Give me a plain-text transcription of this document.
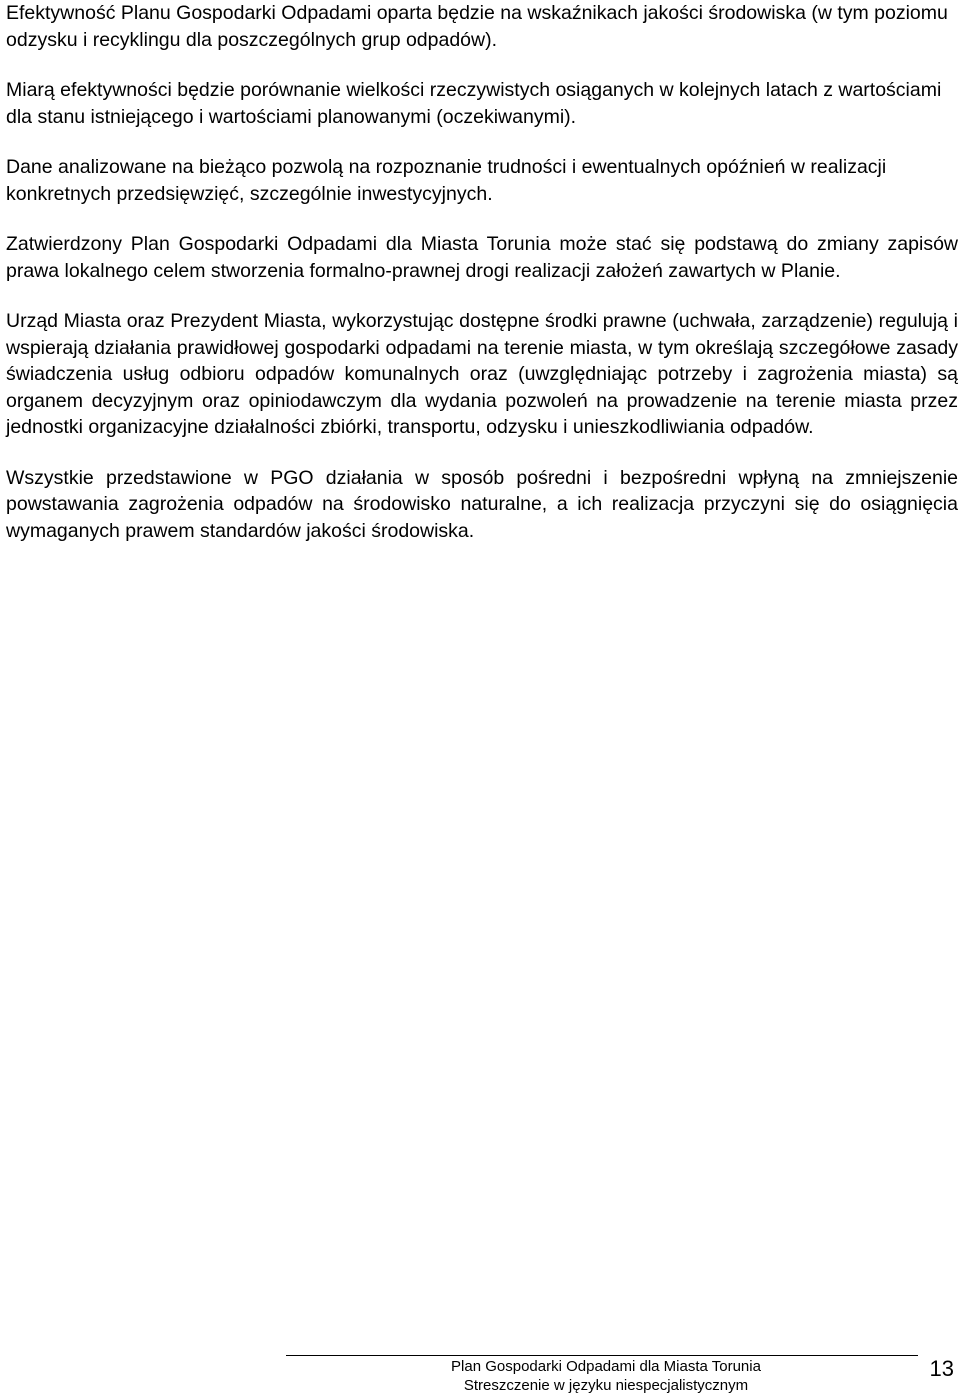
Efektywność Planu Gospodarki Odpadami oparta będzie na wskaźnikach jakości środowiska (w tym poziomu odzysku i recyklingu dla poszczególnych grup odpadów).

Miarą efektywności będzie porównanie wielkości rzeczywistych osiąganych w kolejnych latach z wartościami dla stanu istniejącego i wartościami planowanymi (oczekiwanymi).

Dane analizowane na bieżąco pozwolą na rozpoznanie trudności i ewentualnych opóźnień w realizacji konkretnych przedsięwzięć, szczególnie inwestycyjnych.

Zatwierdzony Plan Gospodarki Odpadami dla Miasta Torunia może stać się podstawą do zmiany zapisów prawa lokalnego celem stworzenia formalno-prawnej drogi realizacji założeń zawartych w Planie.

Urząd Miasta oraz Prezydent Miasta, wykorzystując dostępne środki prawne (uchwała, zarządzenie) regulują i wspierają działania prawidłowej gospodarki odpadami na terenie miasta, w tym określają szczegółowe zasady świadczenia usług odbioru odpadów komunalnych oraz (uwzględniając potrzeby i zagrożenia miasta) są organem decyzyjnym oraz opiniodawczym dla wydania pozwoleń na prowadzenie na terenie miasta przez jednostki organizacyjne działalności zbiórki, transportu, odzysku i unieszkodliwiania odpadów.

Wszystkie przedstawione w PGO działania w sposób pośredni i bezpośredni wpłyną na zmniejszenie powstawania zagrożenia odpadów na środowisko naturalne, a ich realizacja przyczyni się do osiągnięcia wymaganych prawem standardów jakości środowiska.

Plan Gospodarki Odpadami dla Miasta Torunia
Streszczenie w języku niespecjalistycznym
13
